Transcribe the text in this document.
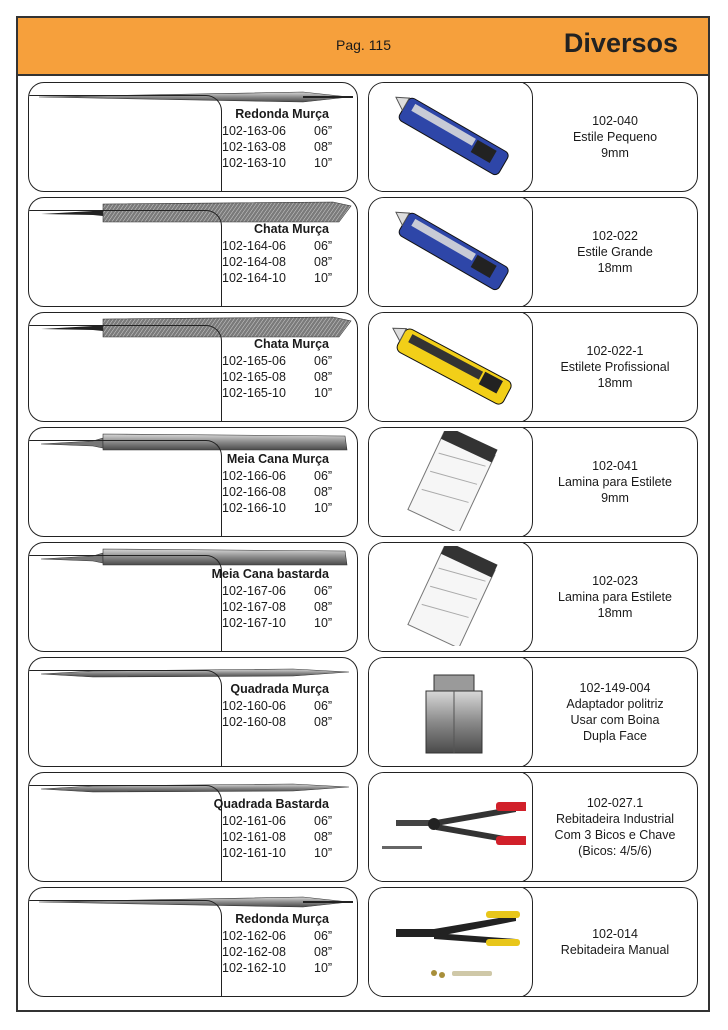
Pag. 115	Diversos
Redonda Murça
102-163-06 06”
102-163-08 08”
102-163-10 10”
Chata Murça
102-164-06 06”
102-164-08 08”
102-164-10 10”
Chata Murça
102-165-06 06”
102-165-08 08”
102-165-10 10”
Meia Cana Murça
102-166-06 06”
102-166-08 08”
102-166-10 10”
Meia Cana bastarda
102-167-06 06”
102-167-08 08”
102-167-10 10”
Quadrada Murça
102-160-06 06”
102-160-08 08”
Quadrada Bastarda
102-161-06 06”
102-161-08 08”
102-161-10 10”
Redonda Murça
102-162-06 06”
102-162-08 08”
102-162-10 10”
102-040
Estile Pequeno
9mm
102-022
Estile Grande
18mm
102-022-1
Estilete Profissional
18mm
102-041
Lamina para Estilete
9mm
102-023
Lamina para Estilete
18mm
102-149-004
Adaptador politriz
Usar com Boina
Dupla Face
102-027.1
Rebitadeira Industrial
Com 3 Bicos e Chave
(Bicos: 4/5/6)
102-014
Rebitadeira Manual
